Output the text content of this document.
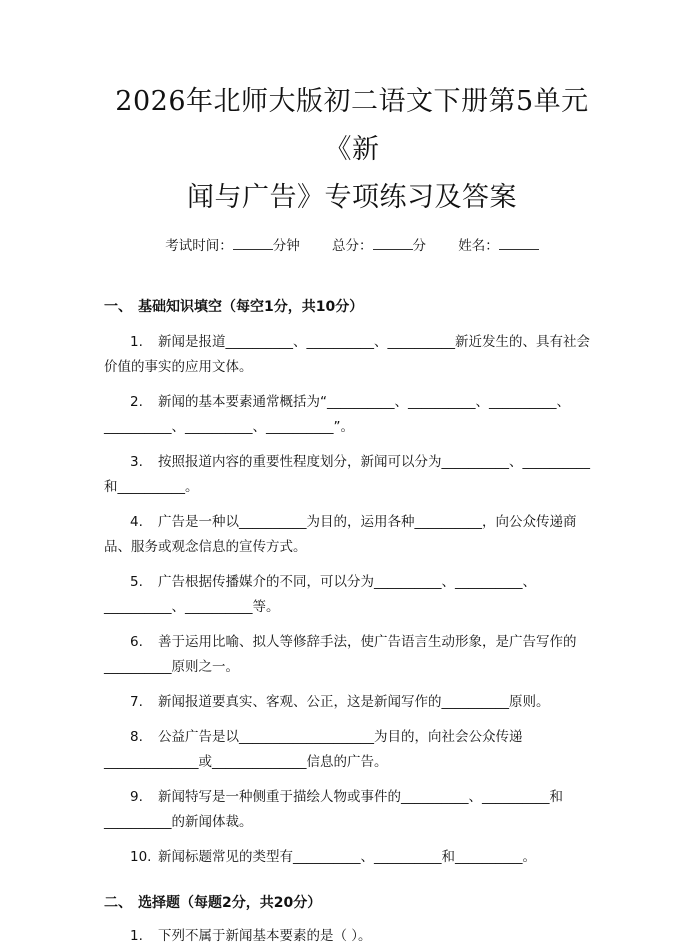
2026年北师大版初二语文下册第5单元《新
闻与广告》专项练习及答案
考试时间：	分钟 总分：	分 姓名：
一、 基础知识填空（每空1分，共10分）
1. 新闻是报道__________、__________、__________新近发生的、具有社会价值的事实的应用文体。
2. 新闻的基本要素通常概括为“__________、__________、__________、__________、__________、__________”。
3. 按照报道内容的重要性程度划分，新闻可以分为__________、__________和__________。
4. 广告是一种以__________为目的，运用各种__________，向公众传递商品、服务或观念信息的宣传方式。
5. 广告根据传播媒介的不同，可以分为__________、__________、__________、__________等。
6. 善于运用比喻、拟人等修辞手法，使广告语言生动形象，是广告写作的__________原则之一。
7. 新闻报道要真实、客观、公正，这是新闻写作的__________原则。
8. 公益广告是以____________________为目的，向社会公众传递______________或______________信息的广告。
9. 新闻特写是一种侧重于描绘人物或事件的__________、__________和__________的新闻体裁。
10. 新闻标题常见的类型有__________、__________和__________。
二、 选择题（每题2分，共20分）
1. 下列不属于新闻基本要素的是（ ）。
